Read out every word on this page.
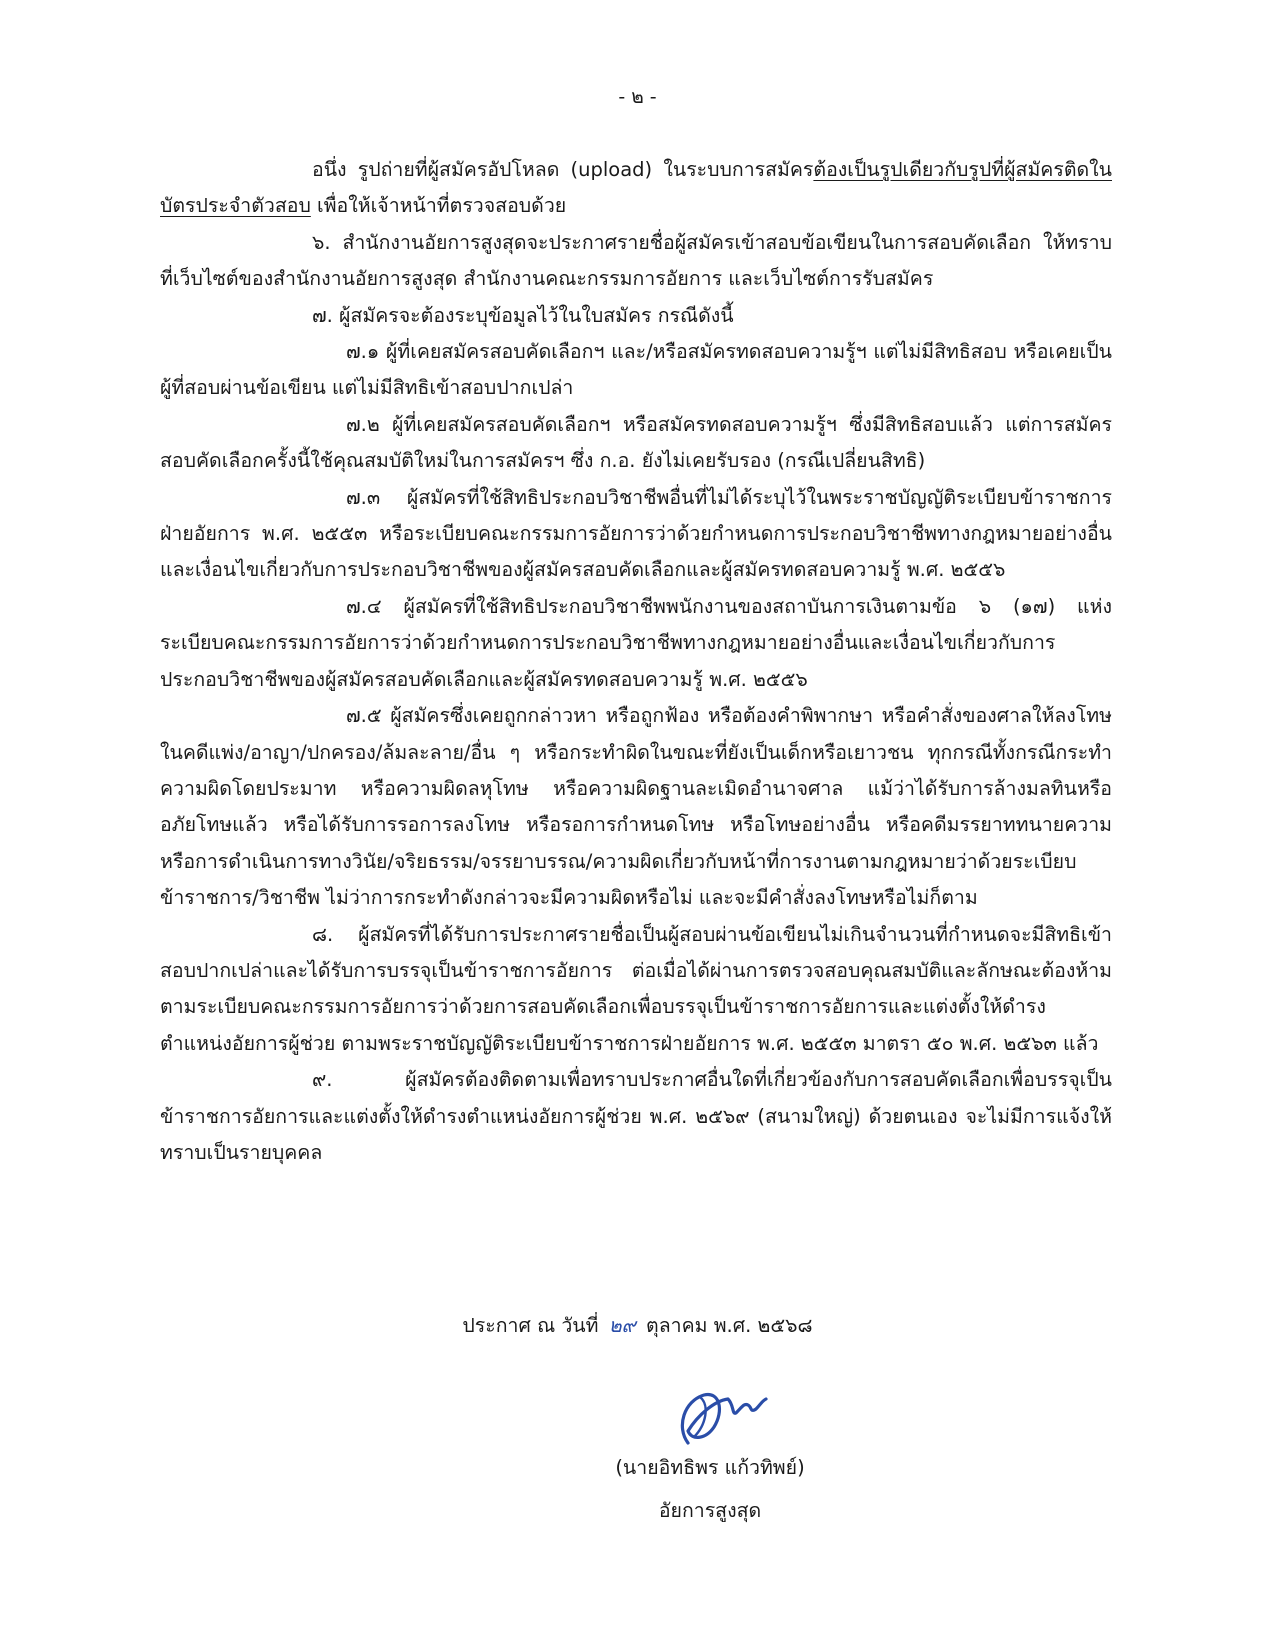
- ๒ -

อนึ่ง รูปถ่ายที่ผู้สมัครอัปโหลด (upload) ในระบบการสมัครต้องเป็นรูปเดียวกับรูปที่ผู้สมัครติดในบัตรประจำตัวสอบ เพื่อให้เจ้าหน้าที่ตรวจสอบด้วย

๖. สำนักงานอัยการสูงสุดจะประกาศรายชื่อผู้สมัครเข้าสอบข้อเขียนในการสอบคัดเลือก ให้ทราบที่เว็บไซต์ของสำนักงานอัยการสูงสุด สำนักงานคณะกรรมการอัยการ และเว็บไซต์การรับสมัคร

๗. ผู้สมัครจะต้องระบุข้อมูลไว้ในใบสมัคร กรณีดังนี้

๗.๑ ผู้ที่เคยสมัครสอบคัดเลือกฯ และ/หรือสมัครทดสอบความรู้ฯ แต่ไม่มีสิทธิสอบ หรือเคยเป็นผู้ที่สอบผ่านข้อเขียน แต่ไม่มีสิทธิเข้าสอบปากเปล่า

๗.๒ ผู้ที่เคยสมัครสอบคัดเลือกฯ หรือสมัครทดสอบความรู้ฯ ซึ่งมีสิทธิสอบแล้ว แต่การสมัครสอบคัดเลือกครั้งนี้ใช้คุณสมบัติใหม่ในการสมัครฯ ซึ่ง ก.อ. ยังไม่เคยรับรอง (กรณีเปลี่ยนสิทธิ)

๗.๓ ผู้สมัครที่ใช้สิทธิประกอบวิชาชีพอื่นที่ไม่ได้ระบุไว้ในพระราชบัญญัติระเบียบข้าราชการฝ่ายอัยการ พ.ศ. ๒๕๕๓ หรือระเบียบคณะกรรมการอัยการว่าด้วยกำหนดการประกอบวิชาชีพทางกฎหมายอย่างอื่นและเงื่อนไขเกี่ยวกับการประกอบวิชาชีพของผู้สมัครสอบคัดเลือกและผู้สมัครทดสอบความรู้ พ.ศ. ๒๕๕๖

๗.๔ ผู้สมัครที่ใช้สิทธิประกอบวิชาชีพพนักงานของสถาบันการเงินตามข้อ ๖ (๑๗) แห่งระเบียบคณะกรรมการอัยการว่าด้วยกำหนดการประกอบวิชาชีพทางกฎหมายอย่างอื่นและเงื่อนไขเกี่ยวกับการประกอบวิชาชีพของผู้สมัครสอบคัดเลือกและผู้สมัครทดสอบความรู้ พ.ศ. ๒๕๕๖

๗.๕ ผู้สมัครซึ่งเคยถูกกล่าวหา หรือถูกฟ้อง หรือต้องคำพิพากษา หรือคำสั่งของศาลให้ลงโทษในคดีแพ่ง/อาญา/ปกครอง/ล้มละลาย/อื่น ๆ หรือกระทำผิดในขณะที่ยังเป็นเด็กหรือเยาวชน ทุกกรณีทั้งกรณีกระทำความผิดโดยประมาท หรือความผิดลหุโทษ หรือความผิดฐานละเมิดอำนาจศาล แม้ว่าได้รับการล้างมลทินหรืออภัยโทษแล้ว หรือได้รับการรอการลงโทษ หรือรอการกำหนดโทษ หรือโทษอย่างอื่น หรือคดีมรรยาททนายความ หรือการดำเนินการทางวินัย/จริยธรรม/จรรยาบรรณ/ความผิดเกี่ยวกับหน้าที่การงานตามกฎหมายว่าด้วยระเบียบข้าราชการ/วิชาชีพ ไม่ว่าการกระทำดังกล่าวจะมีความผิดหรือไม่ และจะมีคำสั่งลงโทษหรือไม่ก็ตาม

๘. ผู้สมัครที่ได้รับการประกาศรายชื่อเป็นผู้สอบผ่านข้อเขียนไม่เกินจำนวนที่กำหนดจะมีสิทธิเข้าสอบปากเปล่าและได้รับการบรรจุเป็นข้าราชการอัยการ ต่อเมื่อได้ผ่านการตรวจสอบคุณสมบัติและลักษณะต้องห้ามตามระเบียบคณะกรรมการอัยการว่าด้วยการสอบคัดเลือกเพื่อบรรจุเป็นข้าราชการอัยการและแต่งตั้งให้ดำรงตำแหน่งอัยการผู้ช่วย ตามพระราชบัญญัติระเบียบข้าราชการฝ่ายอัยการ พ.ศ. ๒๕๕๓ มาตรา ๕๐ พ.ศ. ๒๕๖๓ แล้ว

๙. ผู้สมัครต้องติดตามเพื่อทราบประกาศอื่นใดที่เกี่ยวข้องกับการสอบคัดเลือกเพื่อบรรจุเป็นข้าราชการอัยการและแต่งตั้งให้ดำรงตำแหน่งอัยการผู้ช่วย พ.ศ. ๒๕๖๙ (สนามใหญ่) ด้วยตนเอง จะไม่มีการแจ้งให้ทราบเป็นรายบุคคล

ประกาศ ณ วันที่ ๒๙ ตุลาคม พ.ศ. ๒๕๖๘
(นายอิทธิพร แก้วทิพย์)
อัยการสูงสุด
